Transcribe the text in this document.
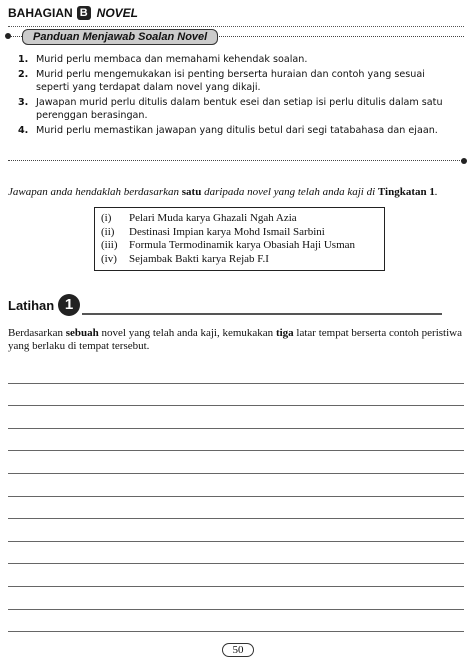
BAHAGIAN B NOVEL
Panduan Menjawab Soalan Novel
1. Murid perlu membaca dan memahami kehendak soalan.
2. Murid perlu mengemukakan isi penting berserta huraian dan contoh yang sesuai seperti yang terdapat dalam novel yang dikaji.
3. Jawapan murid perlu ditulis dalam bentuk esei dan setiap isi perlu ditulis dalam satu perenggan berasingan.
4. Murid perlu memastikan jawapan yang ditulis betul dari segi tatabahasa dan ejaan.
Jawapan anda hendaklah berdasarkan satu daripada novel yang telah anda kaji di Tingkatan 1.
(i)	Pelari Muda karya Ghazali Ngah Azia
(ii)	Destinasi Impian karya Mohd Ismail Sarbini
(iii)	Formula Termodinamik karya Obasiah Haji Usman
(iv)	Sejambak Bakti karya Rejab F.I
Latihan 1
Berdasarkan sebuah novel yang telah anda kaji, kemukakan tiga latar tempat berserta contoh peristiwa yang berlaku di tempat tersebut.
50
